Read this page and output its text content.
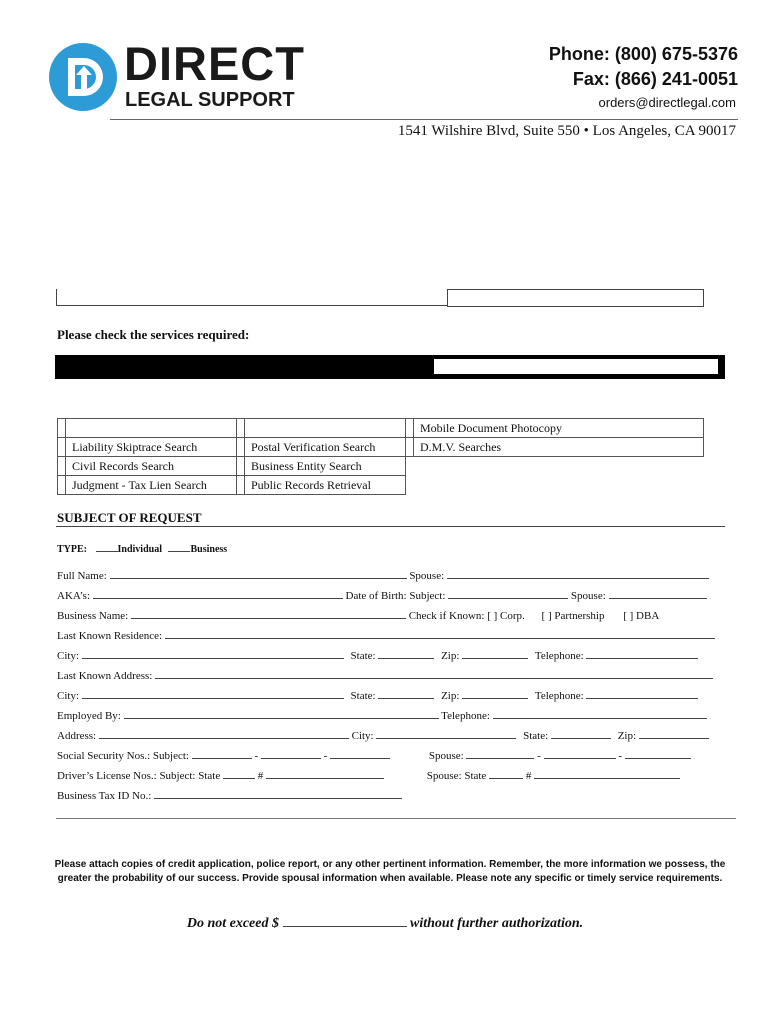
DIRECT
LEGAL SUPPORT
Phone: (800) 675-5376
Fax: (866) 241-0051
orders@directlegal.com
1541 Wilshire Blvd, Suite 550 • Los Angeles, CA 90017
Please check the services required:
					Mobile Document Photocopy
	Liability Skiptrace Search		Postal Verification Search		D.M.V. Searches
	Civil Records Search		Business Entity Search		
	Judgment - Tax Lien Search		Public Records Retrieval		
SUBJECT OF REQUEST
TYPE:	Individual	Business
Full Name:	Spouse:
AKA’s:	Date of Birth: Subject:	Spouse:
Business Name:	Check if Known: [ ] Corp. [ ] Partnership [ ] DBA
Last Known Residence:
City:	State:	Zip:	Telephone:
Last Known Address:
City:	State:	Zip:	Telephone:
Employed By:	Telephone:
Address:	City:	State:	Zip:
Social Security Nos.: Subject:	-	-	Spouse:	-	-
Driver’s License Nos.: Subject: State	#	Spouse: State	#
Business Tax ID No.:
Please attach copies of credit application, police report, or any other pertinent information. Remember, the more information we possess, the greater the probability of our success. Provide spousal information when available. Please note any specific or timely service requirements.
Do not exceed $	without further authorization.
